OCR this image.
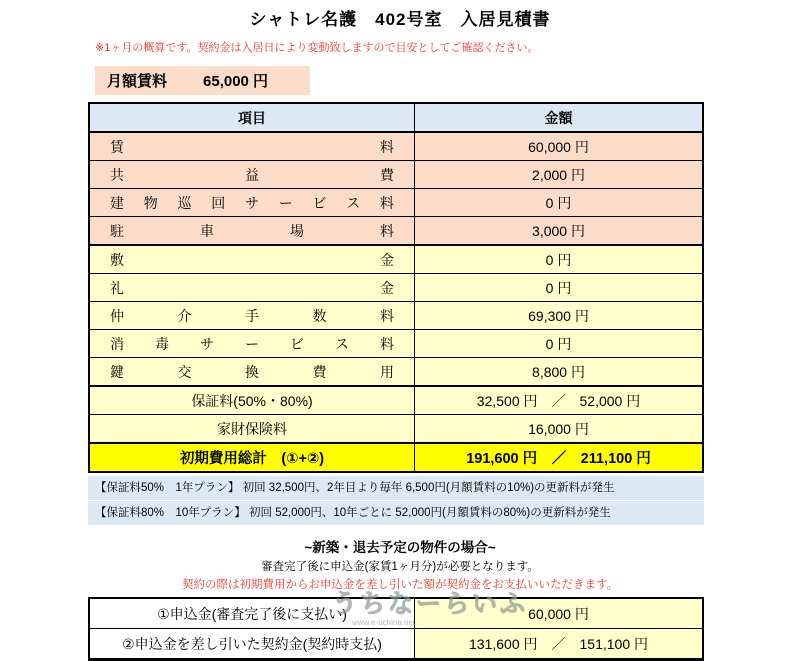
シャトレ名護　402号室　入居見積書
※1ヶ月の概算です。契約金は入居日により変動致しますので目安としてご確認ください。
月額賃料 65,000 円
項目	金額
賃料	60,000 円
共益費	2,000 円
建物巡回サービス料	0 円
駐車場料	3,000 円
敷金	0 円
礼金	0 円
仲介手数料	69,300 円
消毒サービス料	0 円
鍵交換費用	8,800 円
保証料(50%・80%)	32,500 円　／　52,000 円
家財保険料	16,000 円
初期費用総計　(①+②)	191,600 円　／　211,100 円
【保証料50%　1年プラン】 初回 32,500円、2年目より毎年 6,500円(月額賃料の10%)の更新料が発生
【保証料80%　10年プラン】 初回 52,000円、10年ごとに 52,000円(月額賃料の80%)の更新料が発生
~新築・退去予定の物件の場合~
審査完了後に申込金(家賃1ヶ月分)が必要となります。
契約の際は初期費用からお申込金を差し引いた額が契約金をお支払いいただきます。
①申込金(審査完了後に支払い)	60,000 円
②申込金を差し引いた契約金(契約時支払)	131,600 円　／　151,100 円
うちなーらいふ
www.e-uchina.net
